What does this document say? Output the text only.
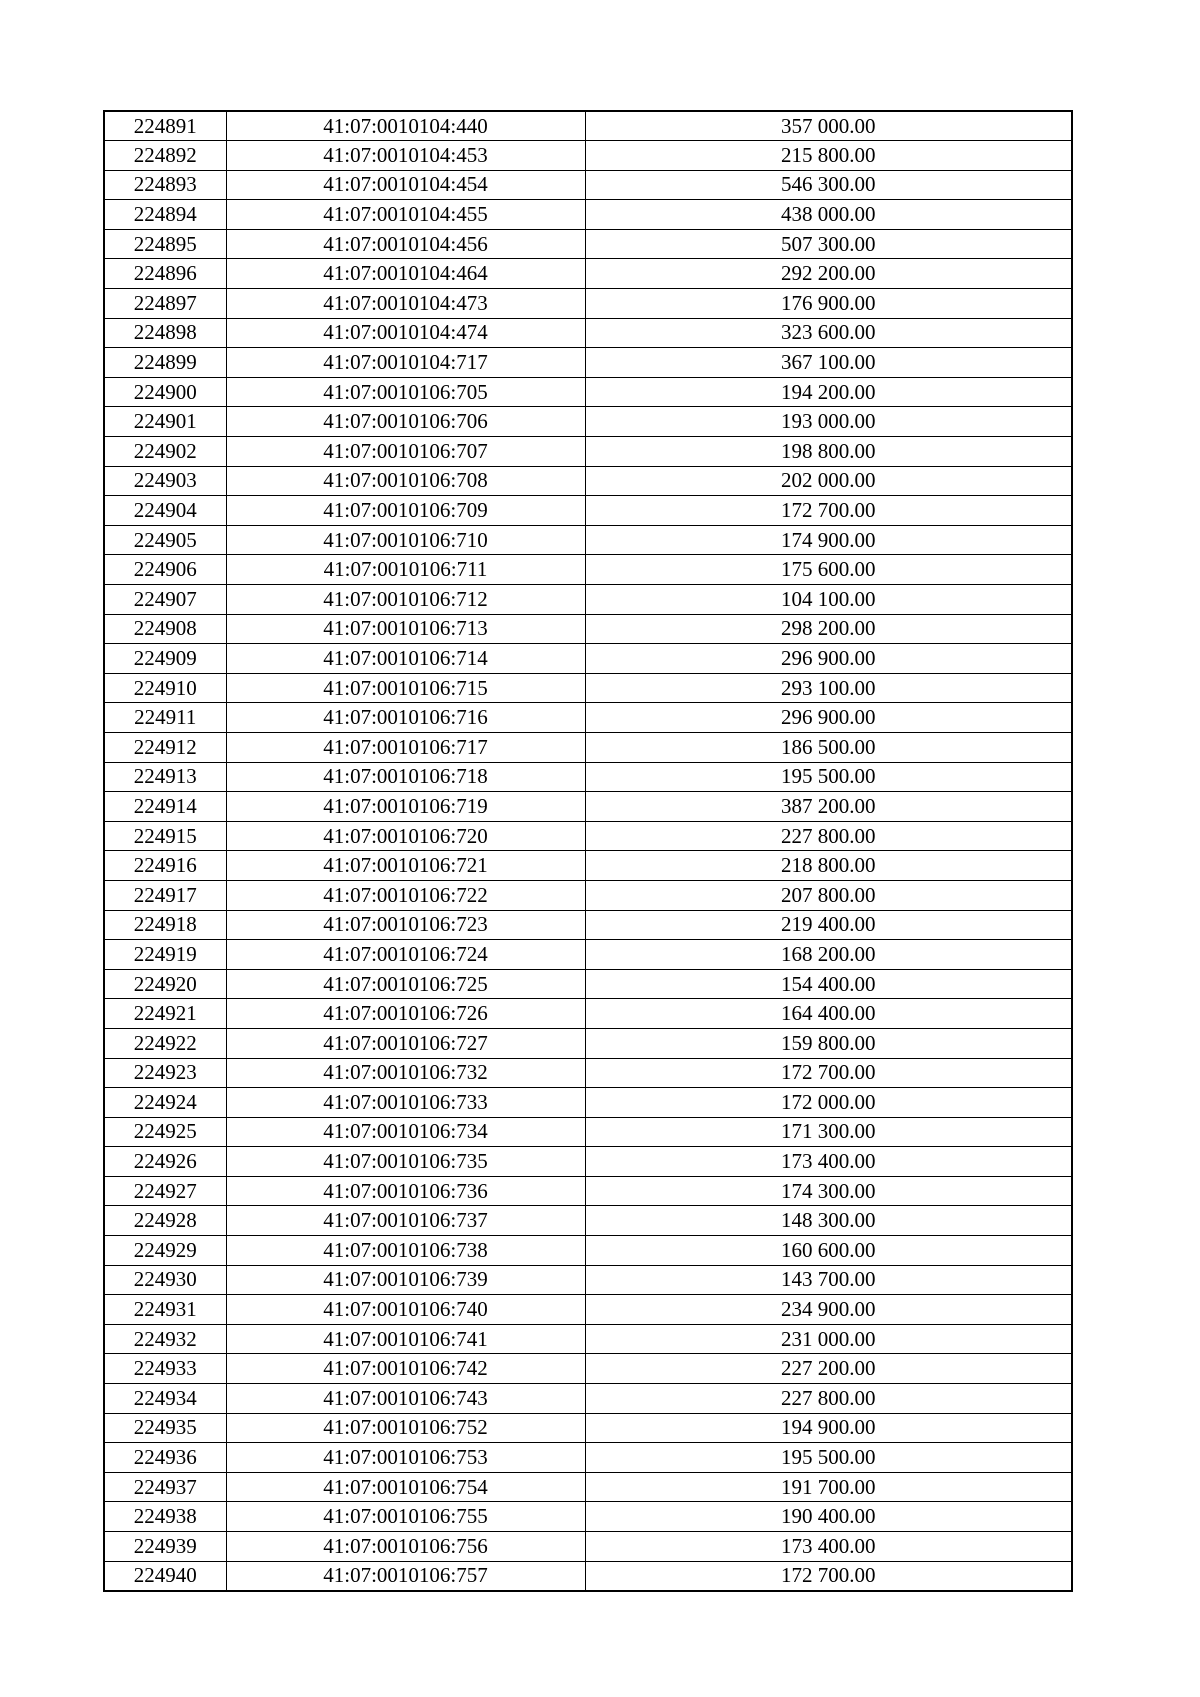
224891	41:07:0010104:440	357 000.00
224892	41:07:0010104:453	215 800.00
224893	41:07:0010104:454	546 300.00
224894	41:07:0010104:455	438 000.00
224895	41:07:0010104:456	507 300.00
224896	41:07:0010104:464	292 200.00
224897	41:07:0010104:473	176 900.00
224898	41:07:0010104:474	323 600.00
224899	41:07:0010104:717	367 100.00
224900	41:07:0010106:705	194 200.00
224901	41:07:0010106:706	193 000.00
224902	41:07:0010106:707	198 800.00
224903	41:07:0010106:708	202 000.00
224904	41:07:0010106:709	172 700.00
224905	41:07:0010106:710	174 900.00
224906	41:07:0010106:711	175 600.00
224907	41:07:0010106:712	104 100.00
224908	41:07:0010106:713	298 200.00
224909	41:07:0010106:714	296 900.00
224910	41:07:0010106:715	293 100.00
224911	41:07:0010106:716	296 900.00
224912	41:07:0010106:717	186 500.00
224913	41:07:0010106:718	195 500.00
224914	41:07:0010106:719	387 200.00
224915	41:07:0010106:720	227 800.00
224916	41:07:0010106:721	218 800.00
224917	41:07:0010106:722	207 800.00
224918	41:07:0010106:723	219 400.00
224919	41:07:0010106:724	168 200.00
224920	41:07:0010106:725	154 400.00
224921	41:07:0010106:726	164 400.00
224922	41:07:0010106:727	159 800.00
224923	41:07:0010106:732	172 700.00
224924	41:07:0010106:733	172 000.00
224925	41:07:0010106:734	171 300.00
224926	41:07:0010106:735	173 400.00
224927	41:07:0010106:736	174 300.00
224928	41:07:0010106:737	148 300.00
224929	41:07:0010106:738	160 600.00
224930	41:07:0010106:739	143 700.00
224931	41:07:0010106:740	234 900.00
224932	41:07:0010106:741	231 000.00
224933	41:07:0010106:742	227 200.00
224934	41:07:0010106:743	227 800.00
224935	41:07:0010106:752	194 900.00
224936	41:07:0010106:753	195 500.00
224937	41:07:0010106:754	191 700.00
224938	41:07:0010106:755	190 400.00
224939	41:07:0010106:756	173 400.00
224940	41:07:0010106:757	172 700.00
